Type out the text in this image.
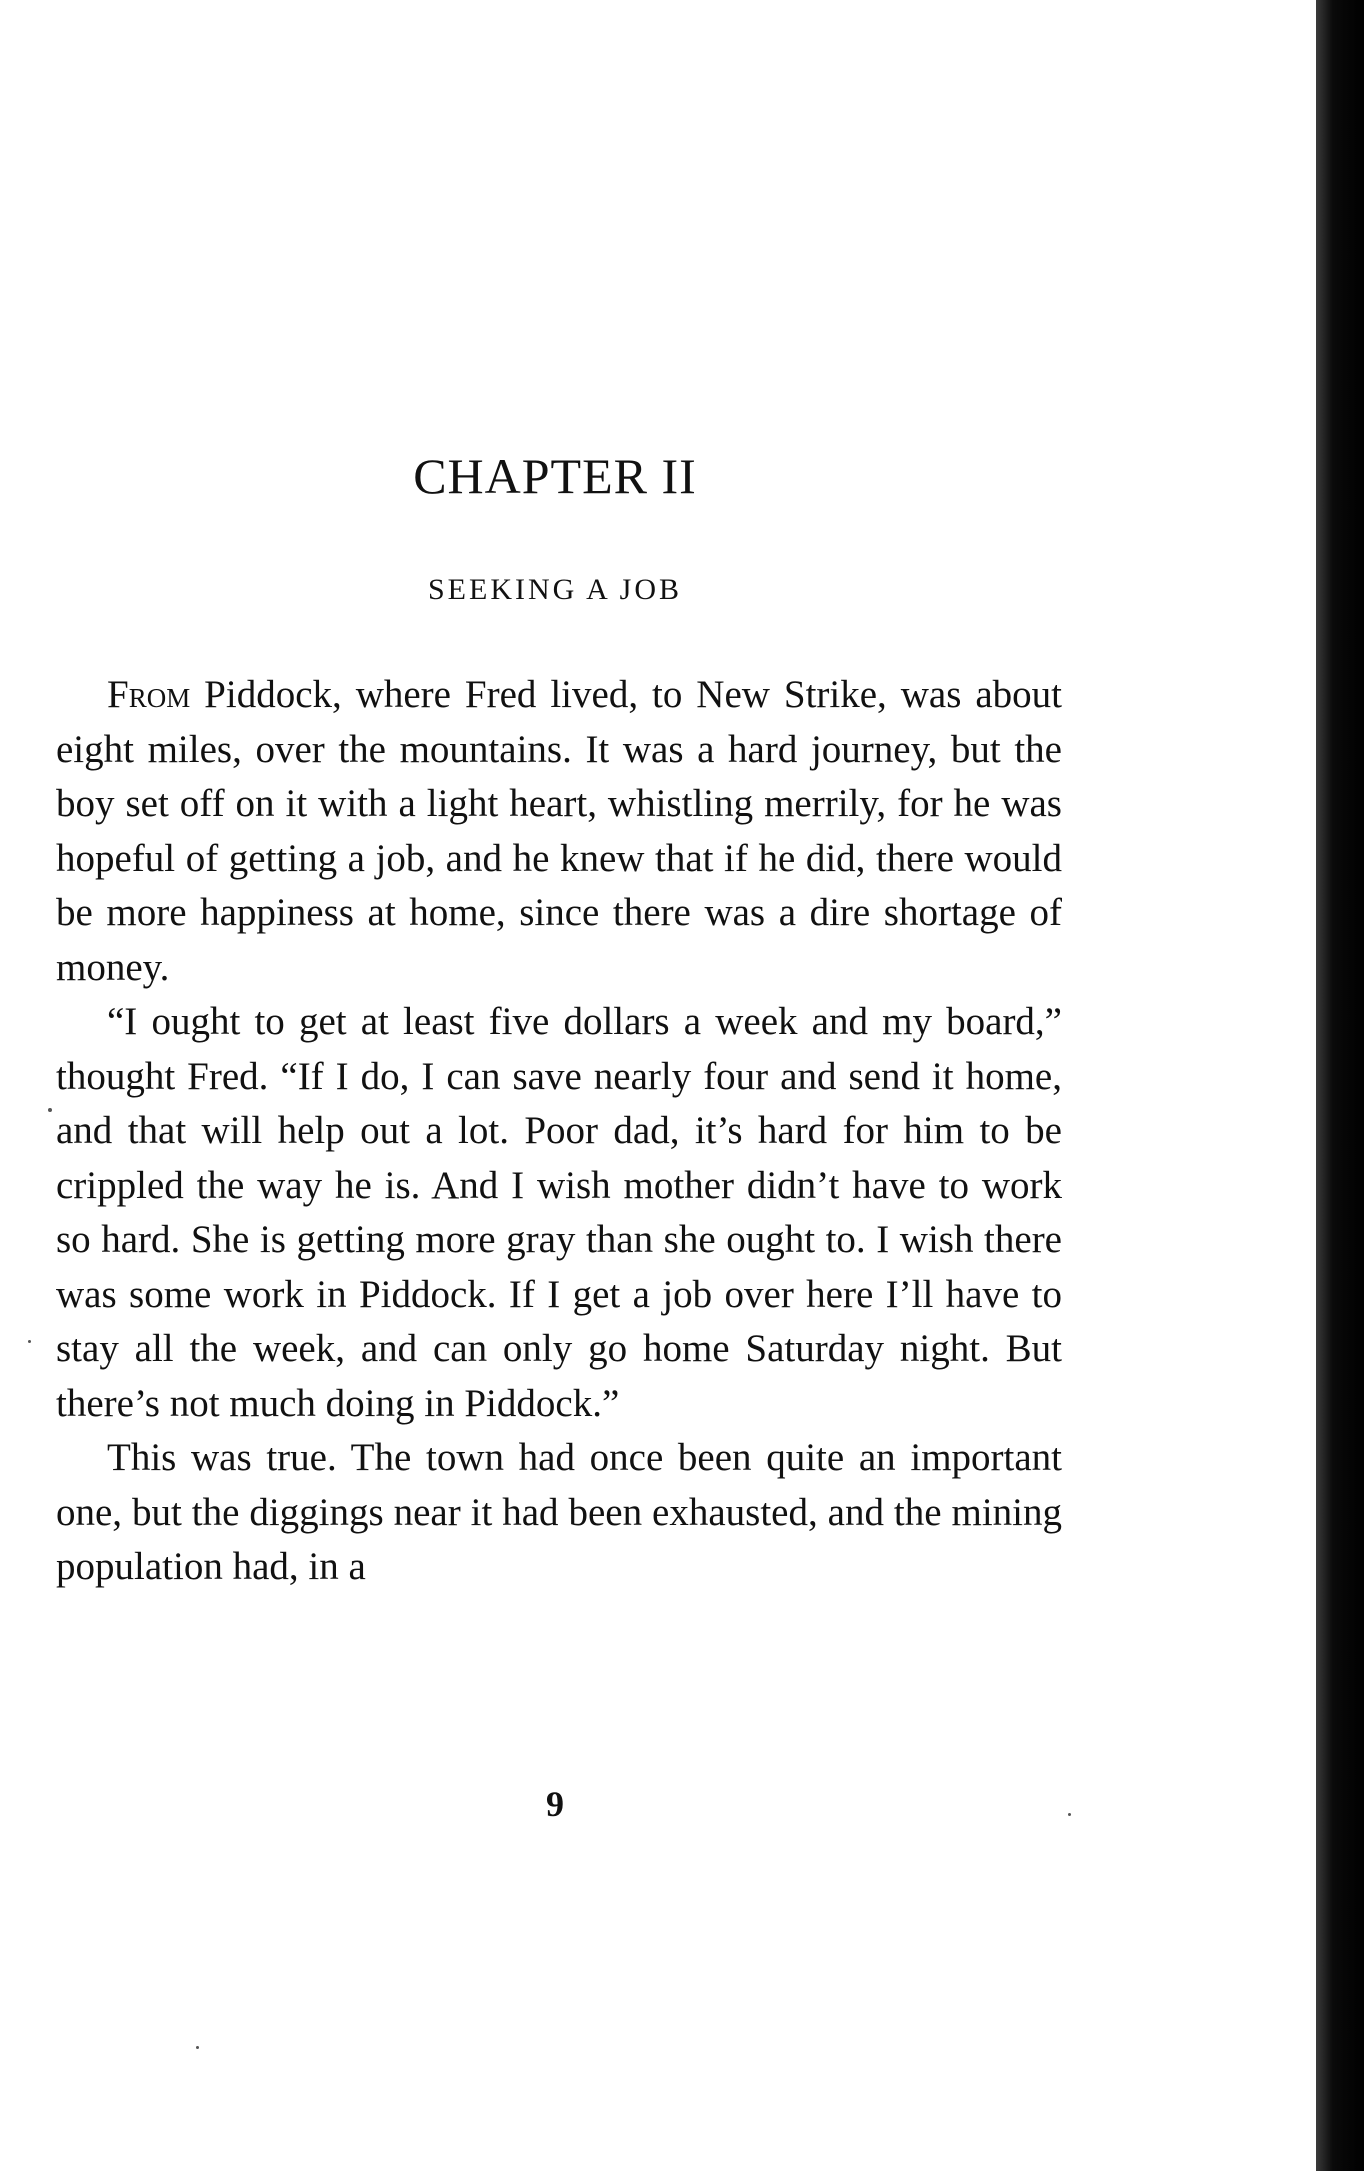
CHAPTER II
SEEKING A JOB

From Piddock, where Fred lived, to New Strike, was about eight miles, over the mountains. It was a hard journey, but the boy set off on it with a light heart, whistling merrily, for he was hopeful of getting a job, and he knew that if he did, there would be more happiness at home, since there was a dire shortage of money.

“I ought to get at least five dollars a week and my board,” thought Fred. “If I do, I can save nearly four and send it home, and that will help out a lot. Poor dad, it’s hard for him to be crippled the way he is. And I wish mother didn’t have to work so hard. She is getting more gray than she ought to. I wish there was some work in Piddock. If I get a job over here I’ll have to stay all the week, and can only go home Saturday night. But there’s not much doing in Piddock.”

This was true. The town had once been quite an important one, but the diggings near it had been exhausted, and the mining population had, in a

9
